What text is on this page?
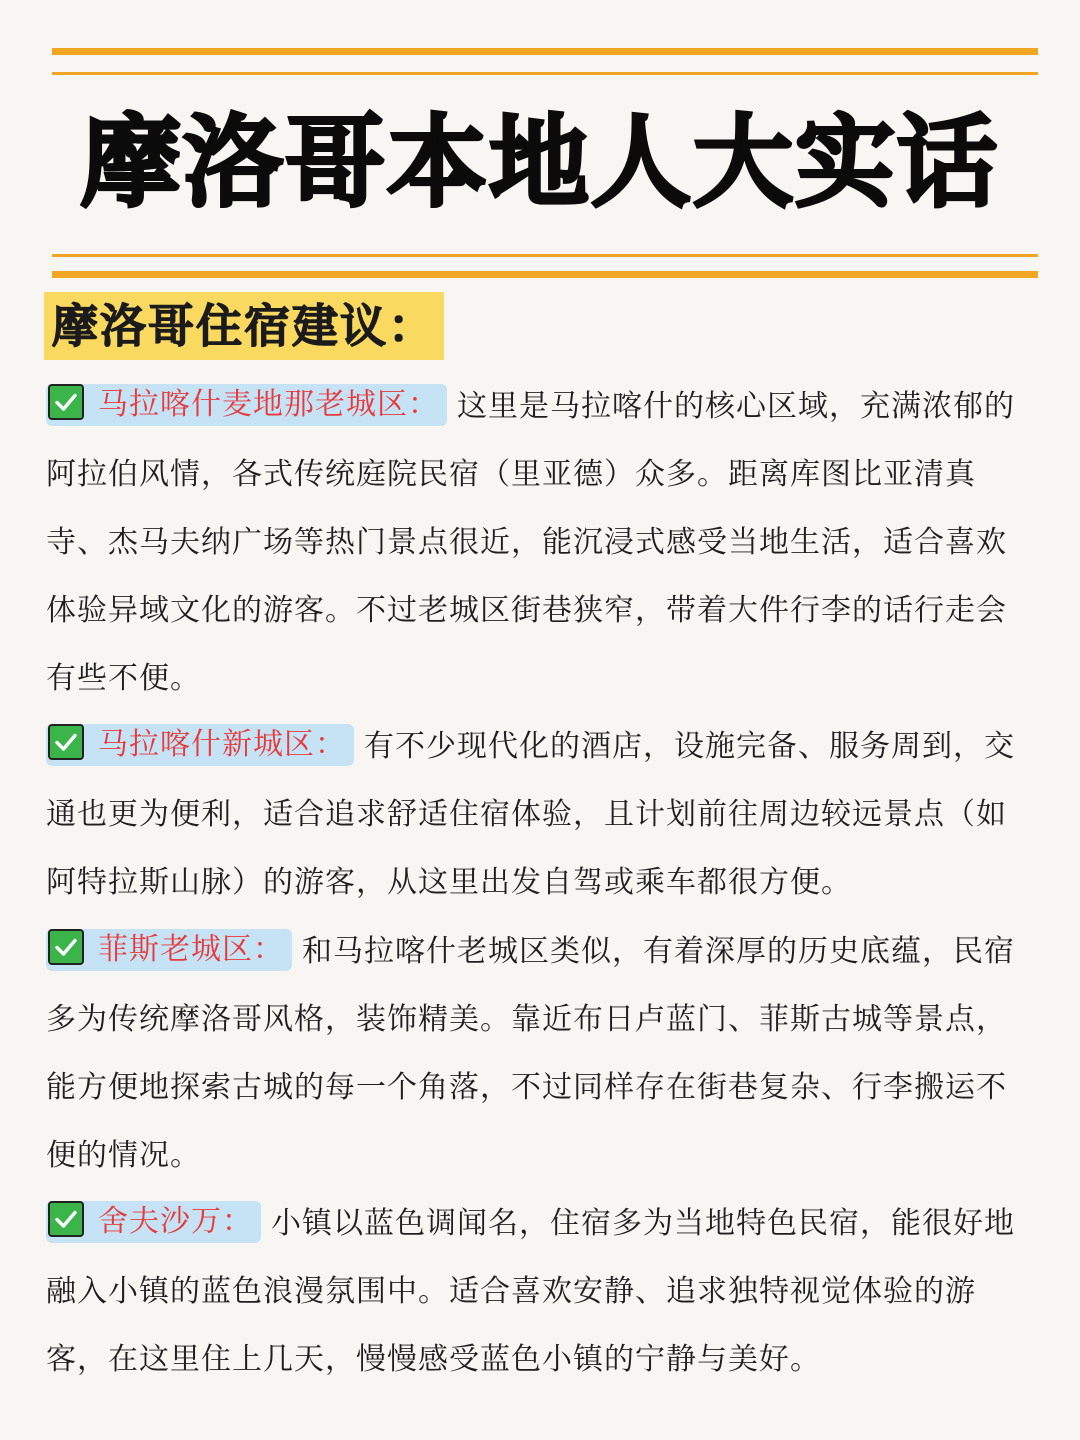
摩洛哥本地人大实话
摩洛哥住宿建议：

马拉喀什麦地那老城区： 这里是马拉喀什的核心区域，充满浓郁的阿拉伯风情，各式传统庭院民宿（里亚德）众多。距离库图比亚清真寺、杰马夫纳广场等热门景点很近，能沉浸式感受当地生活，适合喜欢体验异域文化的游客。不过老城区街巷狭窄，带着大件行李的话行走会有些不便。

马拉喀什新城区： 有不少现代化的酒店，设施完备、服务周到，交通也更为便利，适合追求舒适住宿体验，且计划前往周边较远景点（如阿特拉斯山脉）的游客，从这里出发自驾或乘车都很方便。

菲斯老城区： 和马拉喀什老城区类似，有着深厚的历史底蕴，民宿多为传统摩洛哥风格，装饰精美。靠近布日卢蓝门、菲斯古城等景点，能方便地探索古城的每一个角落，不过同样存在街巷复杂、行李搬运不便的情况。

舍夫沙万： 小镇以蓝色调闻名，住宿多为当地特色民宿，能很好地融入小镇的蓝色浪漫氛围中。适合喜欢安静、追求独特视觉体验的游客，在这里住上几天，慢慢感受蓝色小镇的宁静与美好。
